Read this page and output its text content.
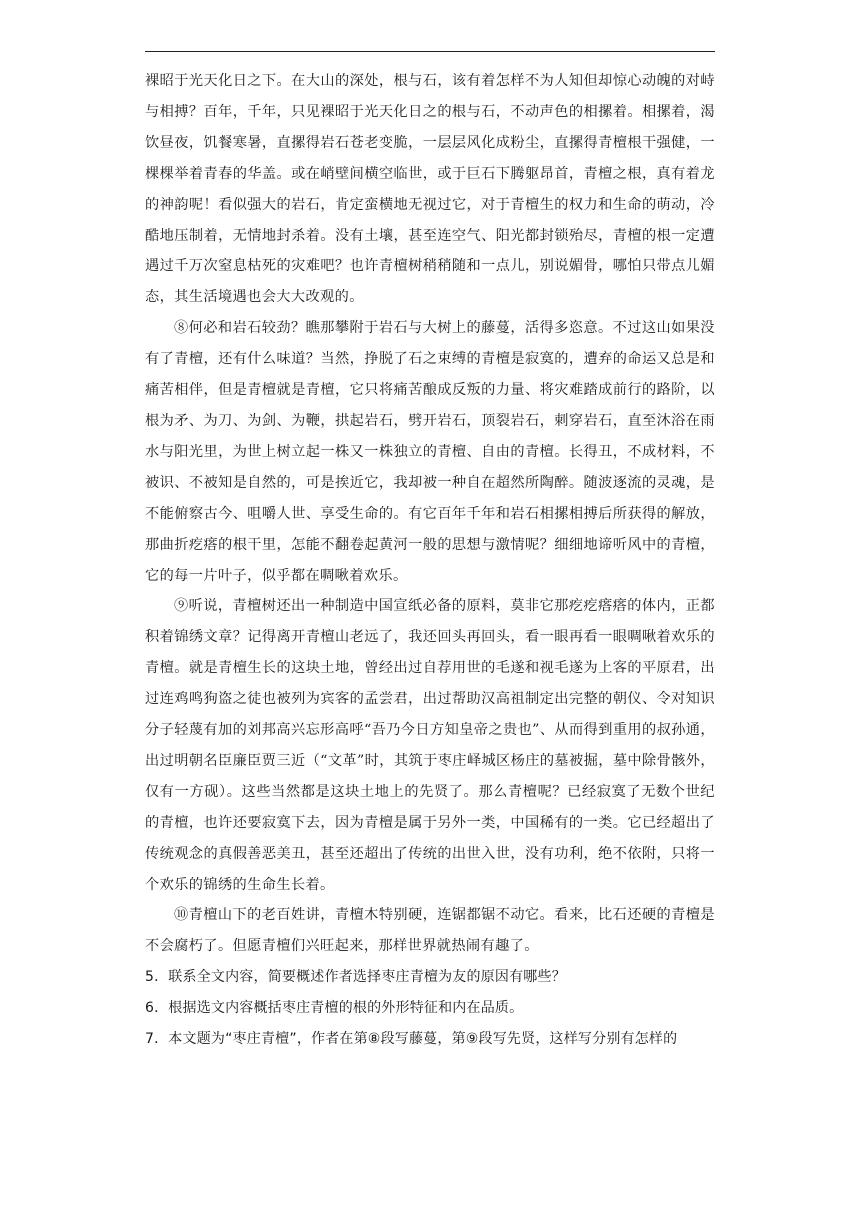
裸昭于光天化日之下。在大山的深处，根与石，该有着怎样不为人知但却惊心动魄的对峙与相搏？百年，千年，只见裸昭于光天化日之的根与石，不动声色的相摞着。相摞着，渴饮昼夜，饥餐寒暑，直摞得岩石苍老变脆，一层层风化成粉尘，直摞得青檀根干强健，一棵棵举着青春的华盖。或在峭壁间横空临世，或于巨石下腾躯昂首，青檀之根，真有着龙的神韵呢！看似强大的岩石，肯定蛮横地无视过它，对于青檀生的权力和生命的萌动，冷酷地压制着，无情地封杀着。没有土壤，甚至连空气、阳光都封锁殆尽，青檀的根一定遭遇过千万次窒息枯死的灾难吧？也许青檀树稍稍随和一点儿，别说媚骨，哪怕只带点儿媚态，其生活境遇也会大大改观的。

⑧何必和岩石较劲？瞧那攀附于岩石与大树上的藤蔓，活得多恣意。不过这山如果没有了青檀，还有什么味道？当然，挣脱了石之束缚的青檀是寂寞的，遭弃的命运又总是和痛苦相伴，但是青檀就是青檀，它只将痛苦酿成反叛的力量、将灾难踏成前行的路阶，以根为矛、为刀、为剑、为鞭，拱起岩石，劈开岩石，顶裂岩石，刺穿岩石，直至沐浴在雨水与阳光里，为世上树立起一株又一株独立的青檀、自由的青檀。长得丑，不成材料，不被识、不被知是自然的，可是挨近它，我却被一种自在超然所陶醉。随波逐流的灵魂，是不能俯察古今、咀嚼人世、享受生命的。有它百年千年和岩石相摞相搏后所获得的解放，那曲折疙瘩的根干里，怎能不翻卷起黄河一般的思想与激情呢？细细地谛听风中的青檀，它的每一片叶子，似乎都在啁啾着欢乐。

⑨听说，青檀树还出一种制造中国宣纸必备的原料，莫非它那疙疙瘩瘩的体内，正都积着锦绣文章？记得离开青檀山老远了，我还回头再回头，看一眼再看一眼啁啾着欢乐的青檀。就是青檀生长的这块土地，曾经出过自荐用世的毛遂和视毛遂为上客的平原君，出过连鸡鸣狗盗之徒也被列为宾客的孟尝君，出过帮助汉高祖制定出完整的朝仪、令对知识分子轻蔑有加的刘邦高兴忘形高呼“吾乃今日方知皇帝之贵也”、从而得到重用的叔孙通，出过明朝名臣廉臣贾三近（“文革”时，其筑于枣庄峄城区杨庄的墓被掘，墓中除骨骸外，仅有一方砚）。这些当然都是这块土地上的先贤了。那么青檀呢？已经寂寞了无数个世纪的青檀，也许还要寂寞下去，因为青檀是属于另外一类，中国稀有的一类。它已经超出了传统观念的真假善恶美丑，甚至还超出了传统的出世入世，没有功利，绝不依附，只将一个欢乐的锦绣的生命生长着。

⑩青檀山下的老百姓讲，青檀木特别硬，连锯都锯不动它。看来，比石还硬的青檀是不会腐朽了。但愿青檀们兴旺起来，那样世界就热闹有趣了。

5．联系全文内容，简要概述作者选择枣庄青檀为友的原因有哪些？

6．根据选文内容概括枣庄青檀的根的外形特征和内在品质。

7．本文题为“枣庄青檀”，作者在第⑧段写藤蔓，第⑨段写先贤，这样写分别有怎样的
